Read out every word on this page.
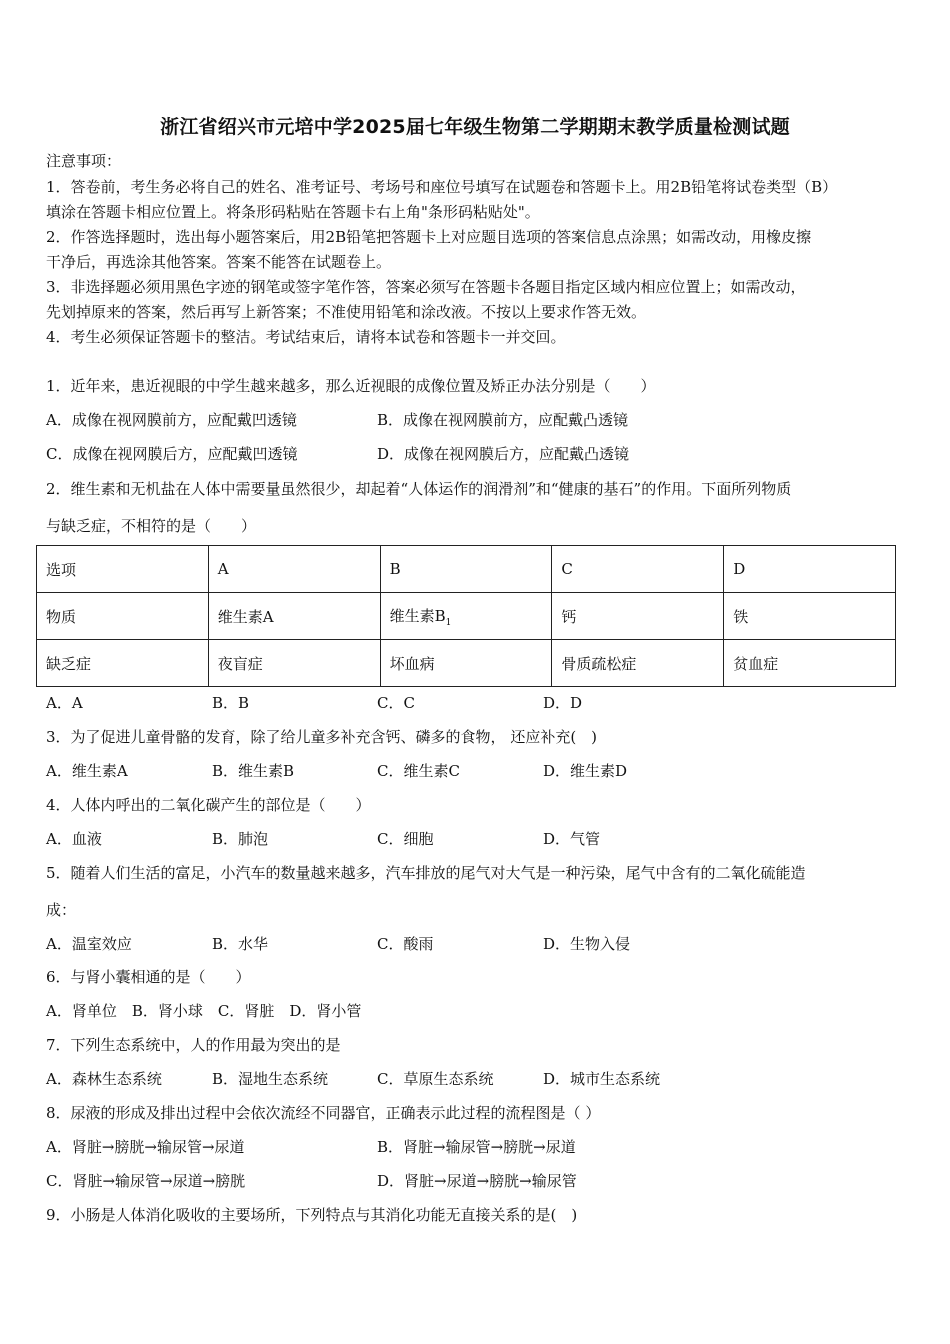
浙江省绍兴市元培中学2025届七年级生物第二学期期末教学质量检测试题
注意事项：
1．答卷前，考生务必将自己的姓名、准考证号、考场号和座位号填写在试题卷和答题卡上。用2B铅笔将试卷类型（B）
填涂在答题卡相应位置上。将条形码粘贴在答题卡右上角"条形码粘贴处"。
2．作答选择题时，选出每小题答案后，用2B铅笔把答题卡上对应题目选项的答案信息点涂黑；如需改动，用橡皮擦
干净后，再选涂其他答案。答案不能答在试题卷上。
3．非选择题必须用黑色字迹的钢笔或签字笔作答，答案必须写在答题卡各题目指定区域内相应位置上；如需改动，
先划掉原来的答案，然后再写上新答案；不准使用铅笔和涂改液。不按以上要求作答无效。
4．考生必须保证答题卡的整洁。考试结束后，请将本试卷和答题卡一并交回。
1．近年来，患近视眼的中学生越来越多，那么近视眼的成像位置及矫正办法分别是（　　）
A．成像在视网膜前方，应配戴凹透镜	B．成像在视网膜前方，应配戴凸透镜
C．成像在视网膜后方，应配戴凹透镜	D．成像在视网膜后方，应配戴凸透镜
2．维生素和无机盐在人体中需要量虽然很少，却起着“人体运作的润滑剂”和“健康的基石”的作用。下面所列物质
与缺乏症，不相符的是（　　）
选项	A	B	C	D
物质	维生素A	维生素$B_1$	钙	铁
缺乏症	夜盲症	坏血病	骨质疏松症	贫血症
A．A	B．B	C．C	D．D
3．为了促进儿童骨骼的发育，除了给儿童多补充含钙、磷多的食物， 还应补充(　)
A．维生素A	B．维生素B	C．维生素C	D．维生素D
4．人体内呼出的二氧化碳产生的部位是（　　）
A．血液	B．肺泡	C．细胞	D．气管
5．随着人们生活的富足，小汽车的数量越来越多，汽车排放的尾气对大气是一种污染，尾气中含有的二氧化硫能造
成：
A．温室效应	B．水华	C．酸雨	D．生物入侵
6．与肾小囊相通的是（　　）
A．肾单位　B．肾小球　C．肾脏　D．肾小管
7．下列生态系统中，人的作用最为突出的是
A．森林生态系统	B．湿地生态系统	C．草原生态系统	D．城市生态系统
8．尿液的形成及排出过程中会依次流经不同器官，正确表示此过程的流程图是（ ）
A．肾脏→膀胱→输尿管→尿道	B．肾脏→输尿管→膀胱→尿道
C．肾脏→输尿管→尿道→膀胱	D．肾脏→尿道→膀胱→输尿管
9．小肠是人体消化吸收的主要场所，下列特点与其消化功能无直接关系的是(　)
